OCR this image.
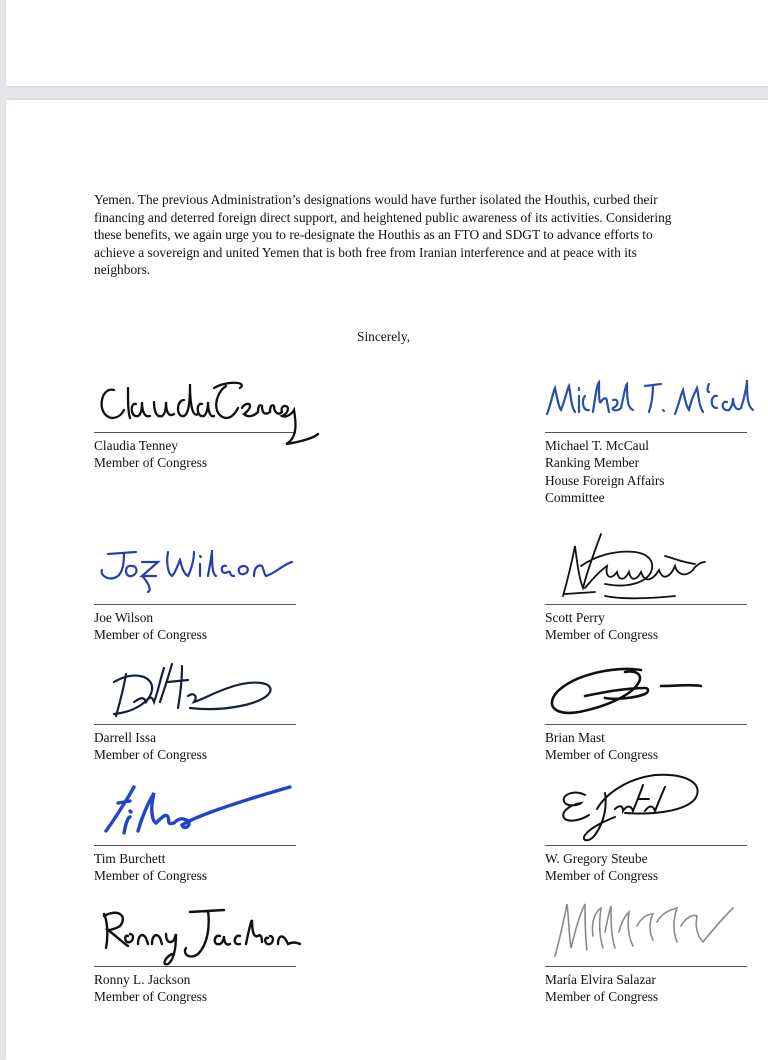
Yemen. The previous Administration’s designations would have further isolated the Houthis, curbed their financing and deterred foreign direct support, and heightened public awareness of its activities. Considering these benefits, we again urge you to re-designate the Houthis as an FTO and SDGT to advance efforts to achieve a sovereign and united Yemen that is both free from Iranian interference and at peace with its neighbors.

Sincerely,

Claudia Tenney
Member of Congress
Michael T. McCaul
Ranking Member
House Foreign Affairs
Committee
Joe Wilson
Member of Congress
Scott Perry
Member of Congress
Darrell Issa
Member of Congress
Brian Mast
Member of Congress
Tim Burchett
Member of Congress
W. Gregory Steube
Member of Congress
Ronny L. Jackson
Member of Congress
María Elvira Salazar
Member of Congress
